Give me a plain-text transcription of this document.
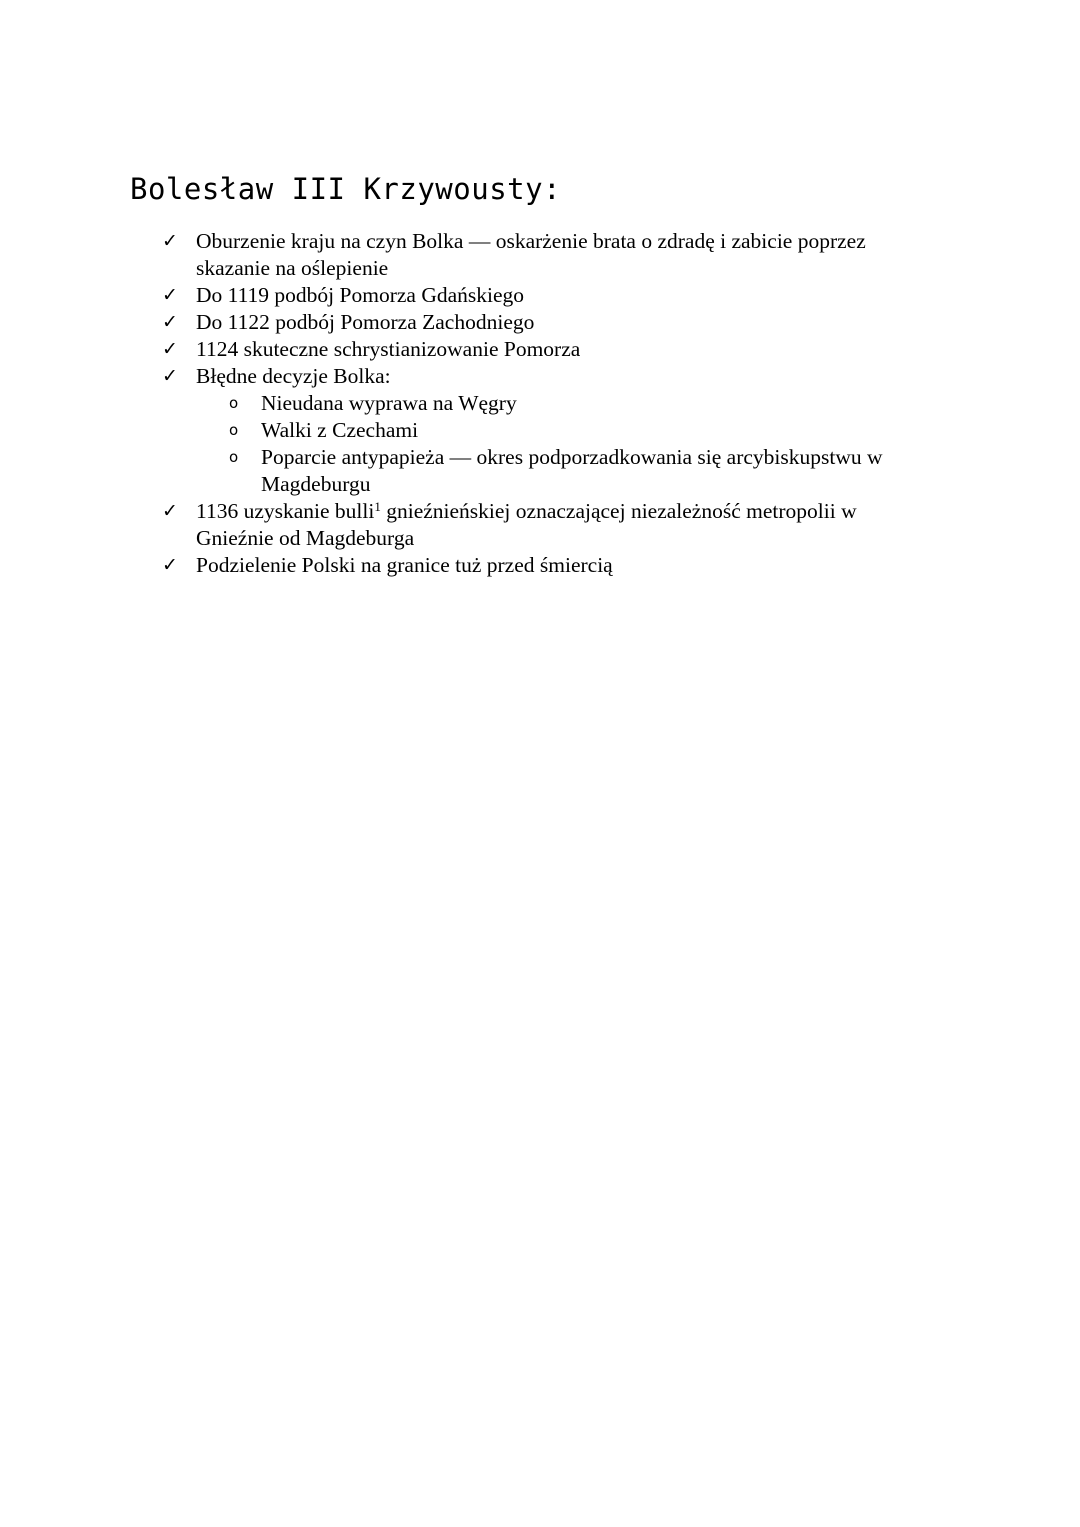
Bolesław III Krzywousty:
✓ Oburzenie kraju na czyn Bolka — oskarżenie brata o zdradę i zabicie poprzez skazanie na oślepienie
✓ Do 1119 podbój Pomorza Gdańskiego
✓ Do 1122 podbój Pomorza Zachodniego
✓ 1124 skuteczne schrystianizowanie Pomorza
✓ Błędne decyzje Bolka:
o Nieudana wyprawa na Węgry
o Walki z Czechami
o Poparcie antypapieża — okres podporzadkowania się arcybiskupstwu w Magdeburgu
✓ 1136 uzyskanie bulli$^1$ gnieźnieńskiej oznaczającej niezależność metropolii w Gnieźnie od Magdeburga
✓ Podzielenie Polski na granice tuż przed śmiercią
